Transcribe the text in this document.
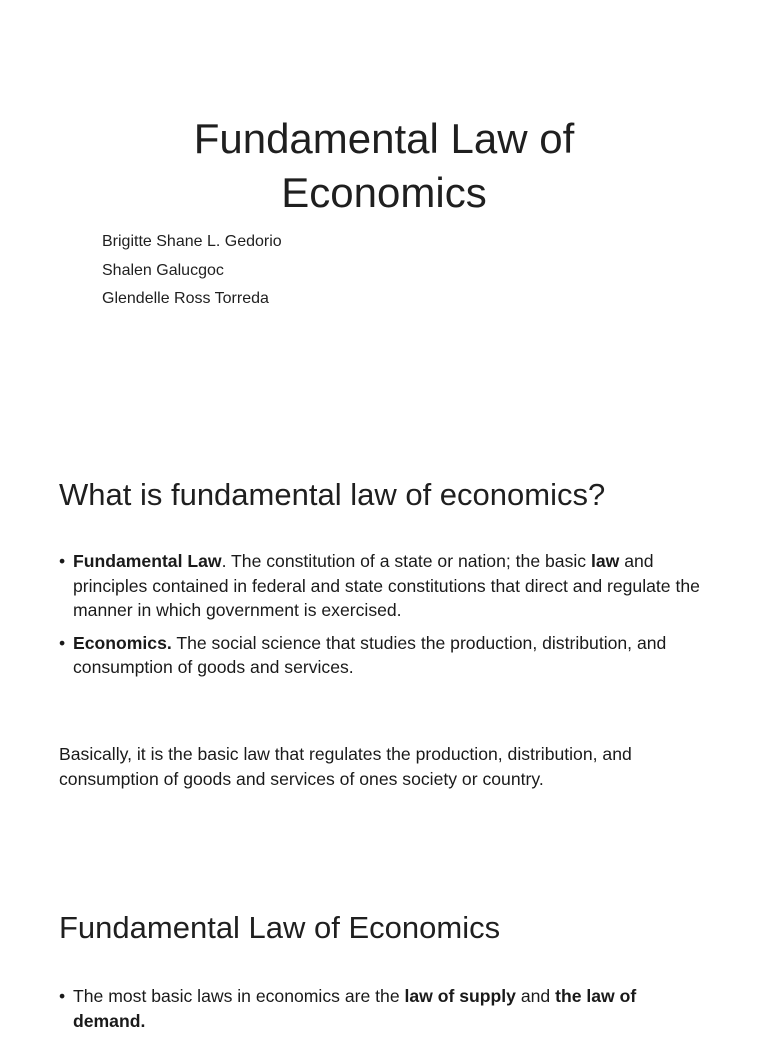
Fundamental Law of
Economics
Brigitte Shane L. Gedorio
Shalen Galucgoc
Glendelle Ross Torreda
What is fundamental law of economics?
• Fundamental Law. The constitution of a state or nation; the basic law and principles contained in federal and state constitutions that direct and regulate the manner in which government is exercised.
• Economics. The social science that studies the production, distribution, and consumption of goods and services.
Basically, it is the basic law that regulates the production, distribution, and consumption of goods and services of ones society or country.
Fundamental Law of Economics
• The most basic laws in economics are the law of supply and the law of demand.
